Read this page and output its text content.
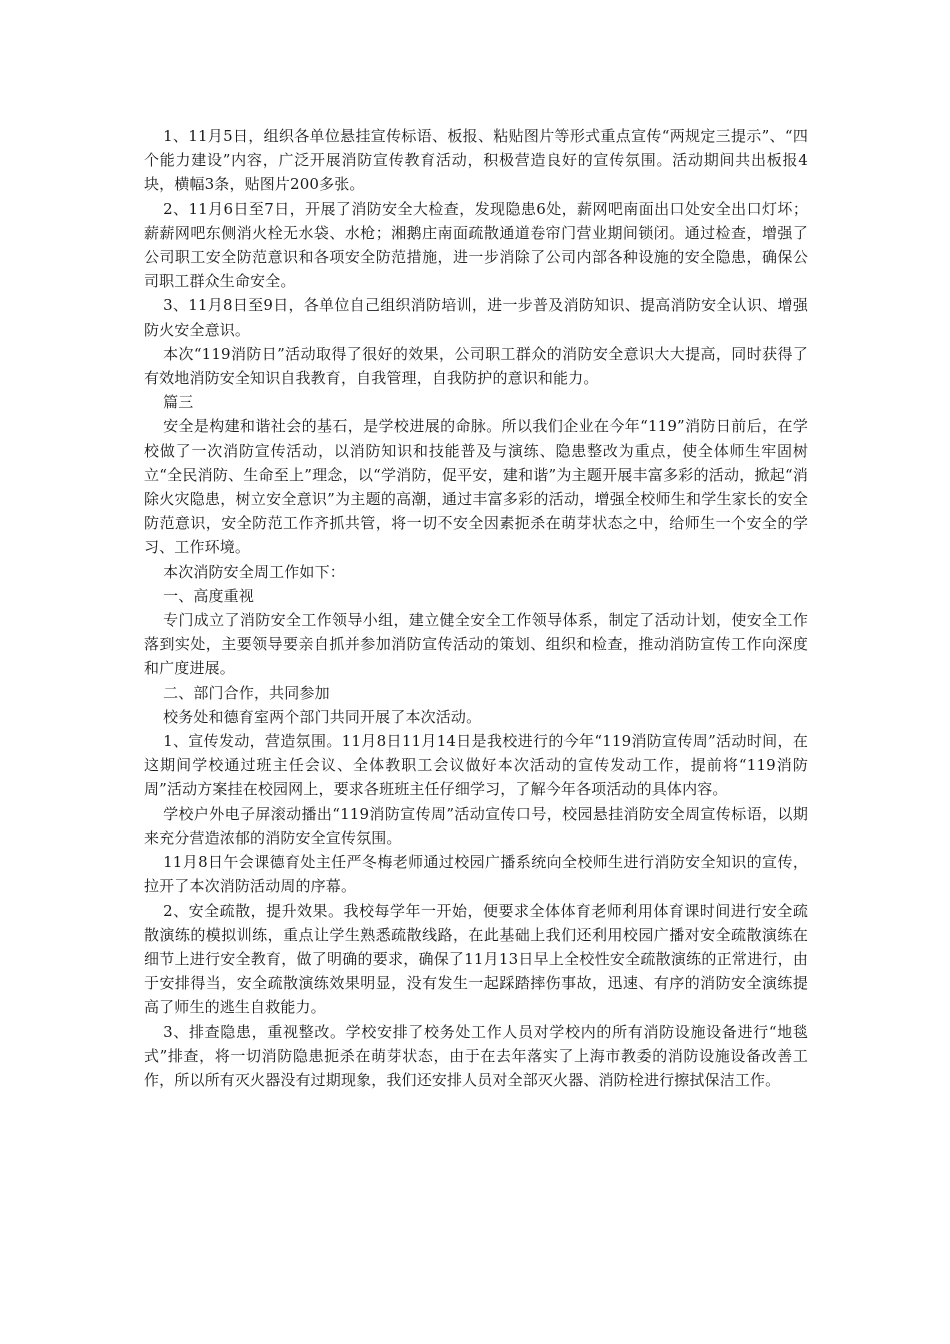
1、11月5日，组织各单位悬挂宣传标语、板报、粘贴图片等形式重点宣传“两规定三提示”、“四个能力建设”内容，广泛开展消防宣传教育活动，积极营造良好的宣传氛围。活动期间共出板报4块，横幅3条，贴图片200多张。

2、11月6日至7日，开展了消防安全大检查，发现隐患6处，薪网吧南面出口处安全出口灯坏；薪薪网吧东侧消火栓无水袋、水枪；湘鹅庄南面疏散通道卷帘门营业期间锁闭。通过检查，增强了公司职工安全防范意识和各项安全防范措施，进一步消除了公司内部各种设施的安全隐患，确保公司职工群众生命安全。

3、11月8日至9日，各单位自己组织消防培训，进一步普及消防知识、提高消防安全认识、增强防火安全意识。

本次“119消防日”活动取得了很好的效果，公司职工群众的消防安全意识大大提高，同时获得了有效地消防安全知识自我教育，自我管理，自我防护的意识和能力。

篇三

安全是构建和谐社会的基石，是学校进展的命脉。所以我们企业在今年“119”消防日前后，在学校做了一次消防宣传活动，以消防知识和技能普及与演练、隐患整改为重点，使全体师生牢固树立“全民消防、生命至上”理念，以“学消防，促平安，建和谐”为主题开展丰富多彩的活动，掀起“消除火灾隐患，树立安全意识”为主题的高潮，通过丰富多彩的活动，增强全校师生和学生家长的安全防范意识，安全防范工作齐抓共管，将一切不安全因素扼杀在萌芽状态之中，给师生一个安全的学习、工作环境。

本次消防安全周工作如下：

一、高度重视

专门成立了消防安全工作领导小组，建立健全安全工作领导体系，制定了活动计划，使安全工作落到实处，主要领导要亲自抓并参加消防宣传活动的策划、组织和检查，推动消防宣传工作向深度和广度进展。

二、部门合作，共同参加

校务处和德育室两个部门共同开展了本次活动。

1、宣传发动，营造氛围。11月8日11月14日是我校进行的今年“119消防宣传周”活动时间，在这期间学校通过班主任会议、全体教职工会议做好本次活动的宣传发动工作，提前将“119消防周”活动方案挂在校园网上，要求各班班主任仔细学习，了解今年各项活动的具体内容。

学校户外电子屏滚动播出“119消防宣传周”活动宣传口号，校园悬挂消防安全周宣传标语，以期来充分营造浓郁的消防安全宣传氛围。

11月8日午会课德育处主任严冬梅老师通过校园广播系统向全校师生进行消防安全知识的宣传，拉开了本次消防活动周的序幕。

2、安全疏散，提升效果。我校每学年一开始，便要求全体体育老师利用体育课时间进行安全疏散演练的模拟训练，重点让学生熟悉疏散线路，在此基础上我们还利用校园广播对安全疏散演练在细节上进行安全教育，做了明确的要求，确保了11月13日早上全校性安全疏散演练的正常进行，由于安排得当，安全疏散演练效果明显，没有发生一起踩踏摔伤事故，迅速、有序的消防安全演练提高了师生的逃生自救能力。

3、排查隐患，重视整改。学校安排了校务处工作人员对学校内的所有消防设施设备进行“地毯式”排查，将一切消防隐患扼杀在萌芽状态，由于在去年落实了上海市教委的消防设施设备改善工作，所以所有灭火器没有过期现象，我们还安排人员对全部灭火器、消防栓进行擦拭保洁工作。
